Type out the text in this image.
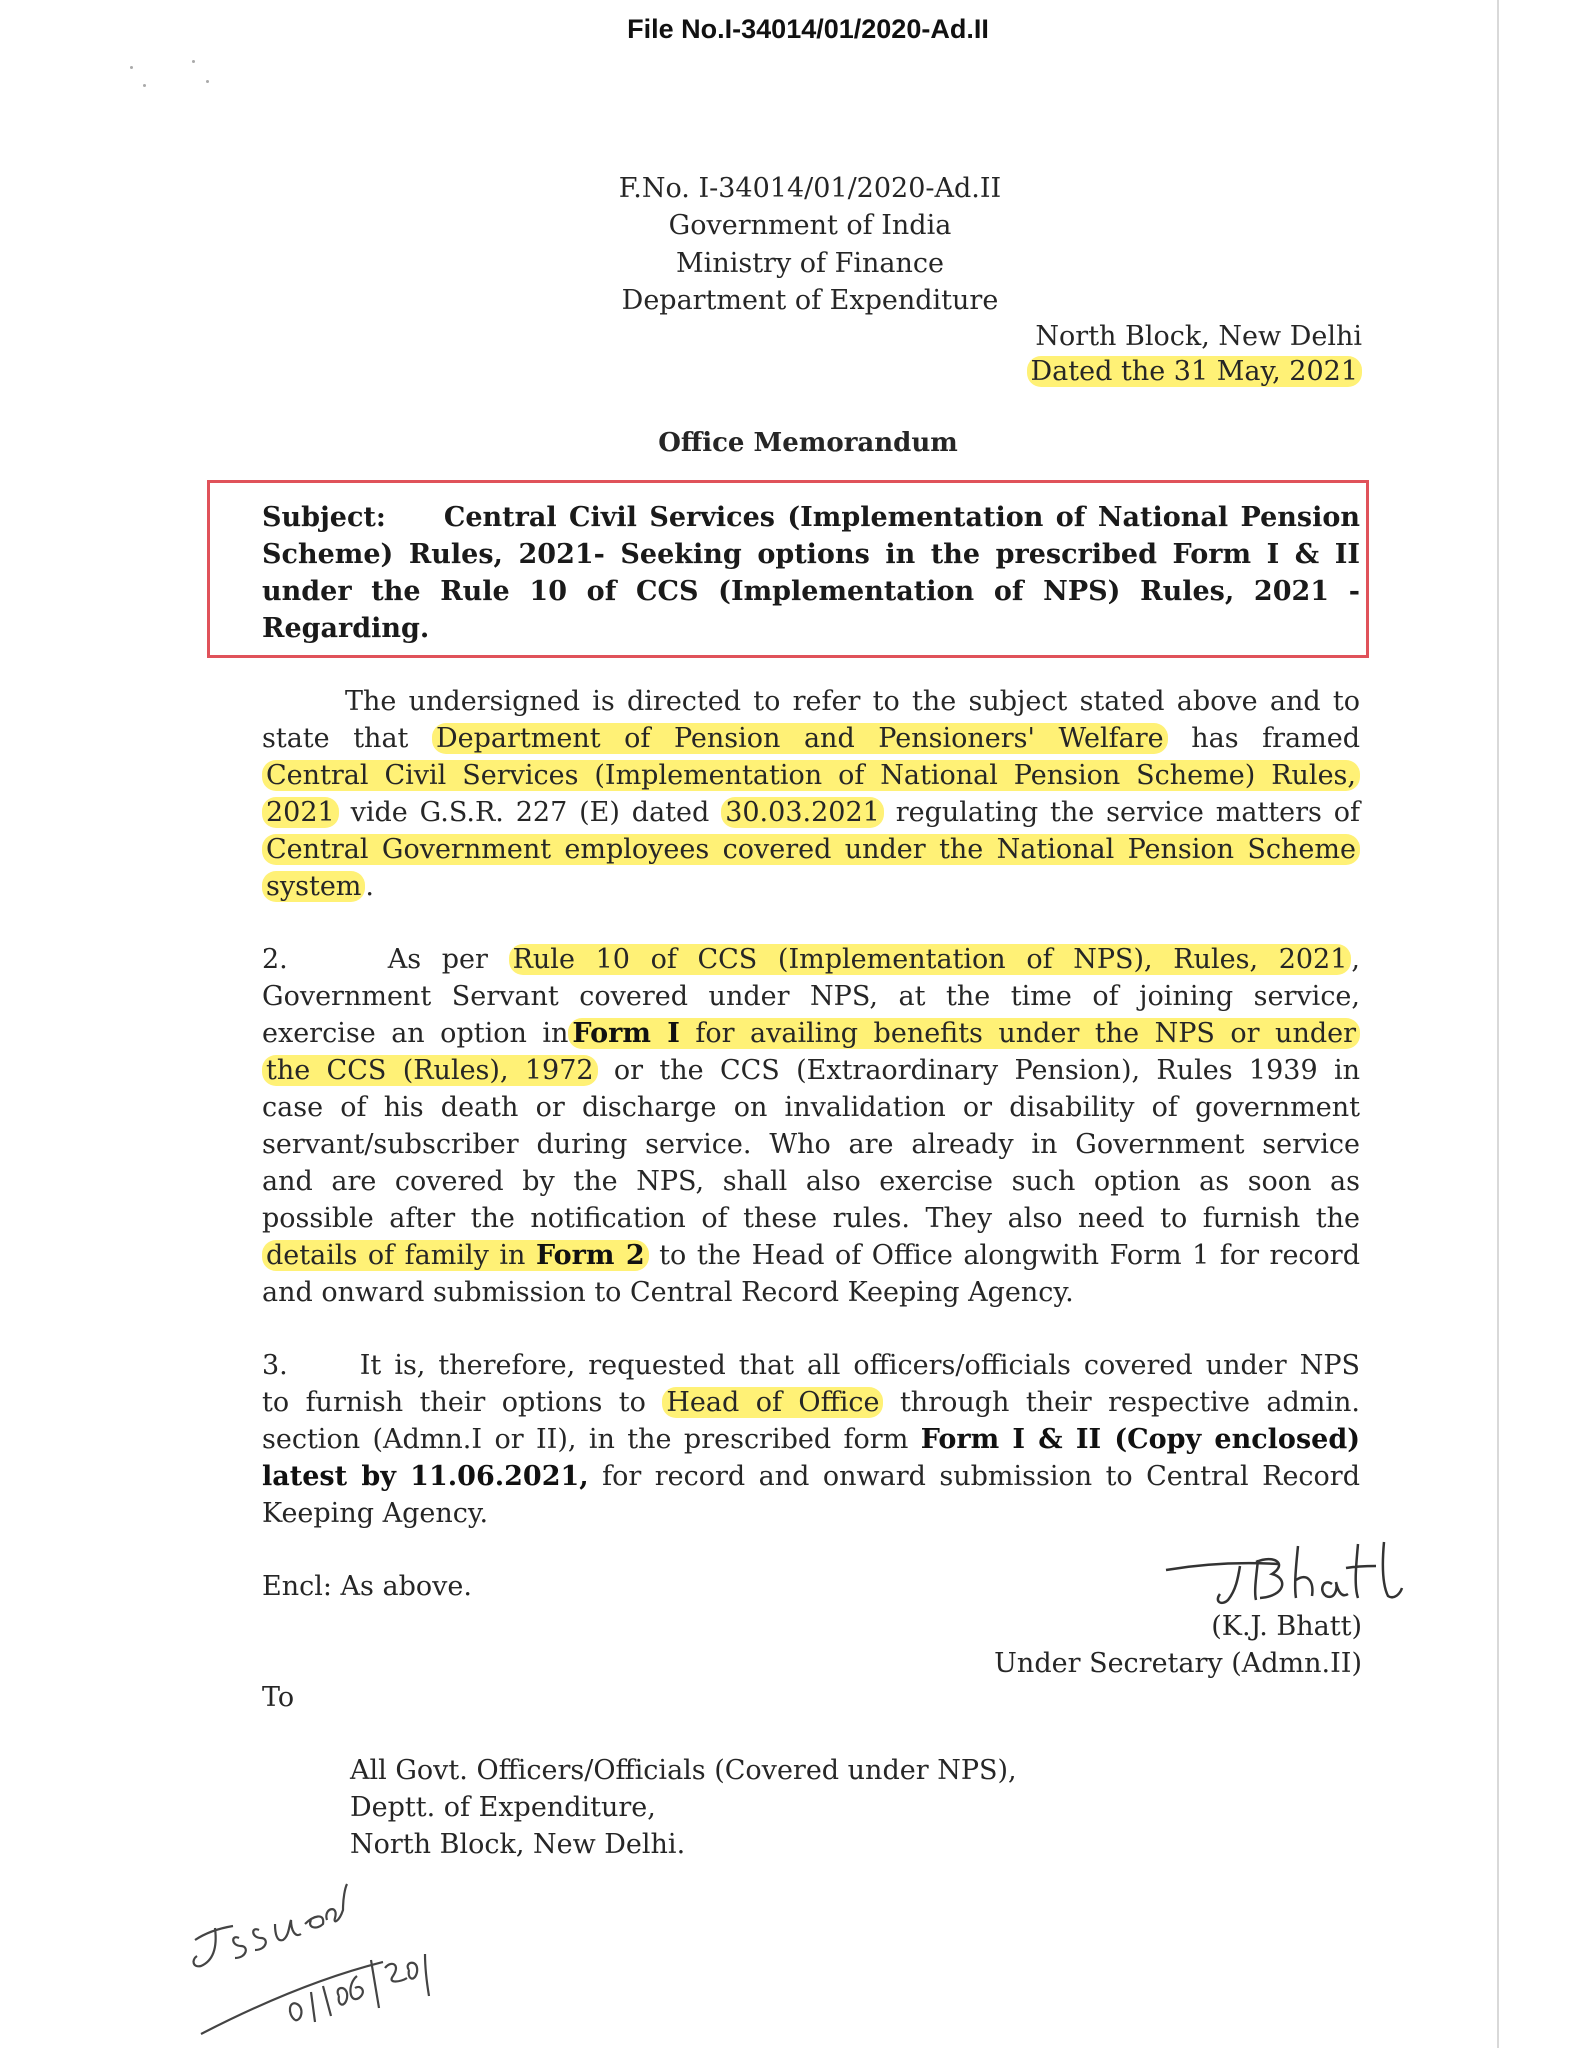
File No.I-34014/01/2020-Ad.II
F.No. I-34014/01/2020-Ad.II
Government of India
Ministry of Finance
Department of Expenditure
North Block, New Delhi
Dated the 31 May, 2021
Office Memorandum
Subject: Central Civil Services (Implementation of National Pension
Scheme) Rules, 2021- Seeking options in the prescribed Form I & II
under the Rule 10 of CCS (Implementation of NPS) Rules, 2021 -
Regarding.
The undersigned is directed to refer to the subject stated above and to
state that Department of Pension and Pensioners' Welfare has framed
Central Civil Services (Implementation of National Pension Scheme) Rules,
2021 vide G.S.R. 227 (E) dated 30.03.2021 regulating the service matters of
Central Government employees covered under the National Pension Scheme
system .
2.	As per Rule 10 of CCS (Implementation of NPS), Rules, 2021 ,
Government Servant covered under NPS, at the time of joining service,
exercise an option in Form I for availing benefits under the NPS or under
the CCS (Rules), 1972 or the CCS (Extraordinary Pension), Rules 1939 in
case of his death or discharge on invalidation or disability of government
servant/subscriber during service. Who are already in Government service
and are covered by the NPS, shall also exercise such option as soon as
possible after the notification of these rules. They also need to furnish the
details of family in Form 2 to the Head of Office alongwith Form 1 for record
and onward submission to Central Record Keeping Agency.
3.	It is, therefore, requested that all officers/officials covered under NPS
to furnish their options to Head of Office through their respective admin.
section (Admn.I or II), in the prescribed form Form I & II (Copy enclosed)
latest by 11.06.2021, for record and onward submission to Central Record
Keeping Agency.
Encl: As above.
(K.J. Bhatt)
Under Secretary (Admn.II)
To
All Govt. Officers/Officials (Covered under NPS),
Deptt. of Expenditure,
North Block, New Delhi.
